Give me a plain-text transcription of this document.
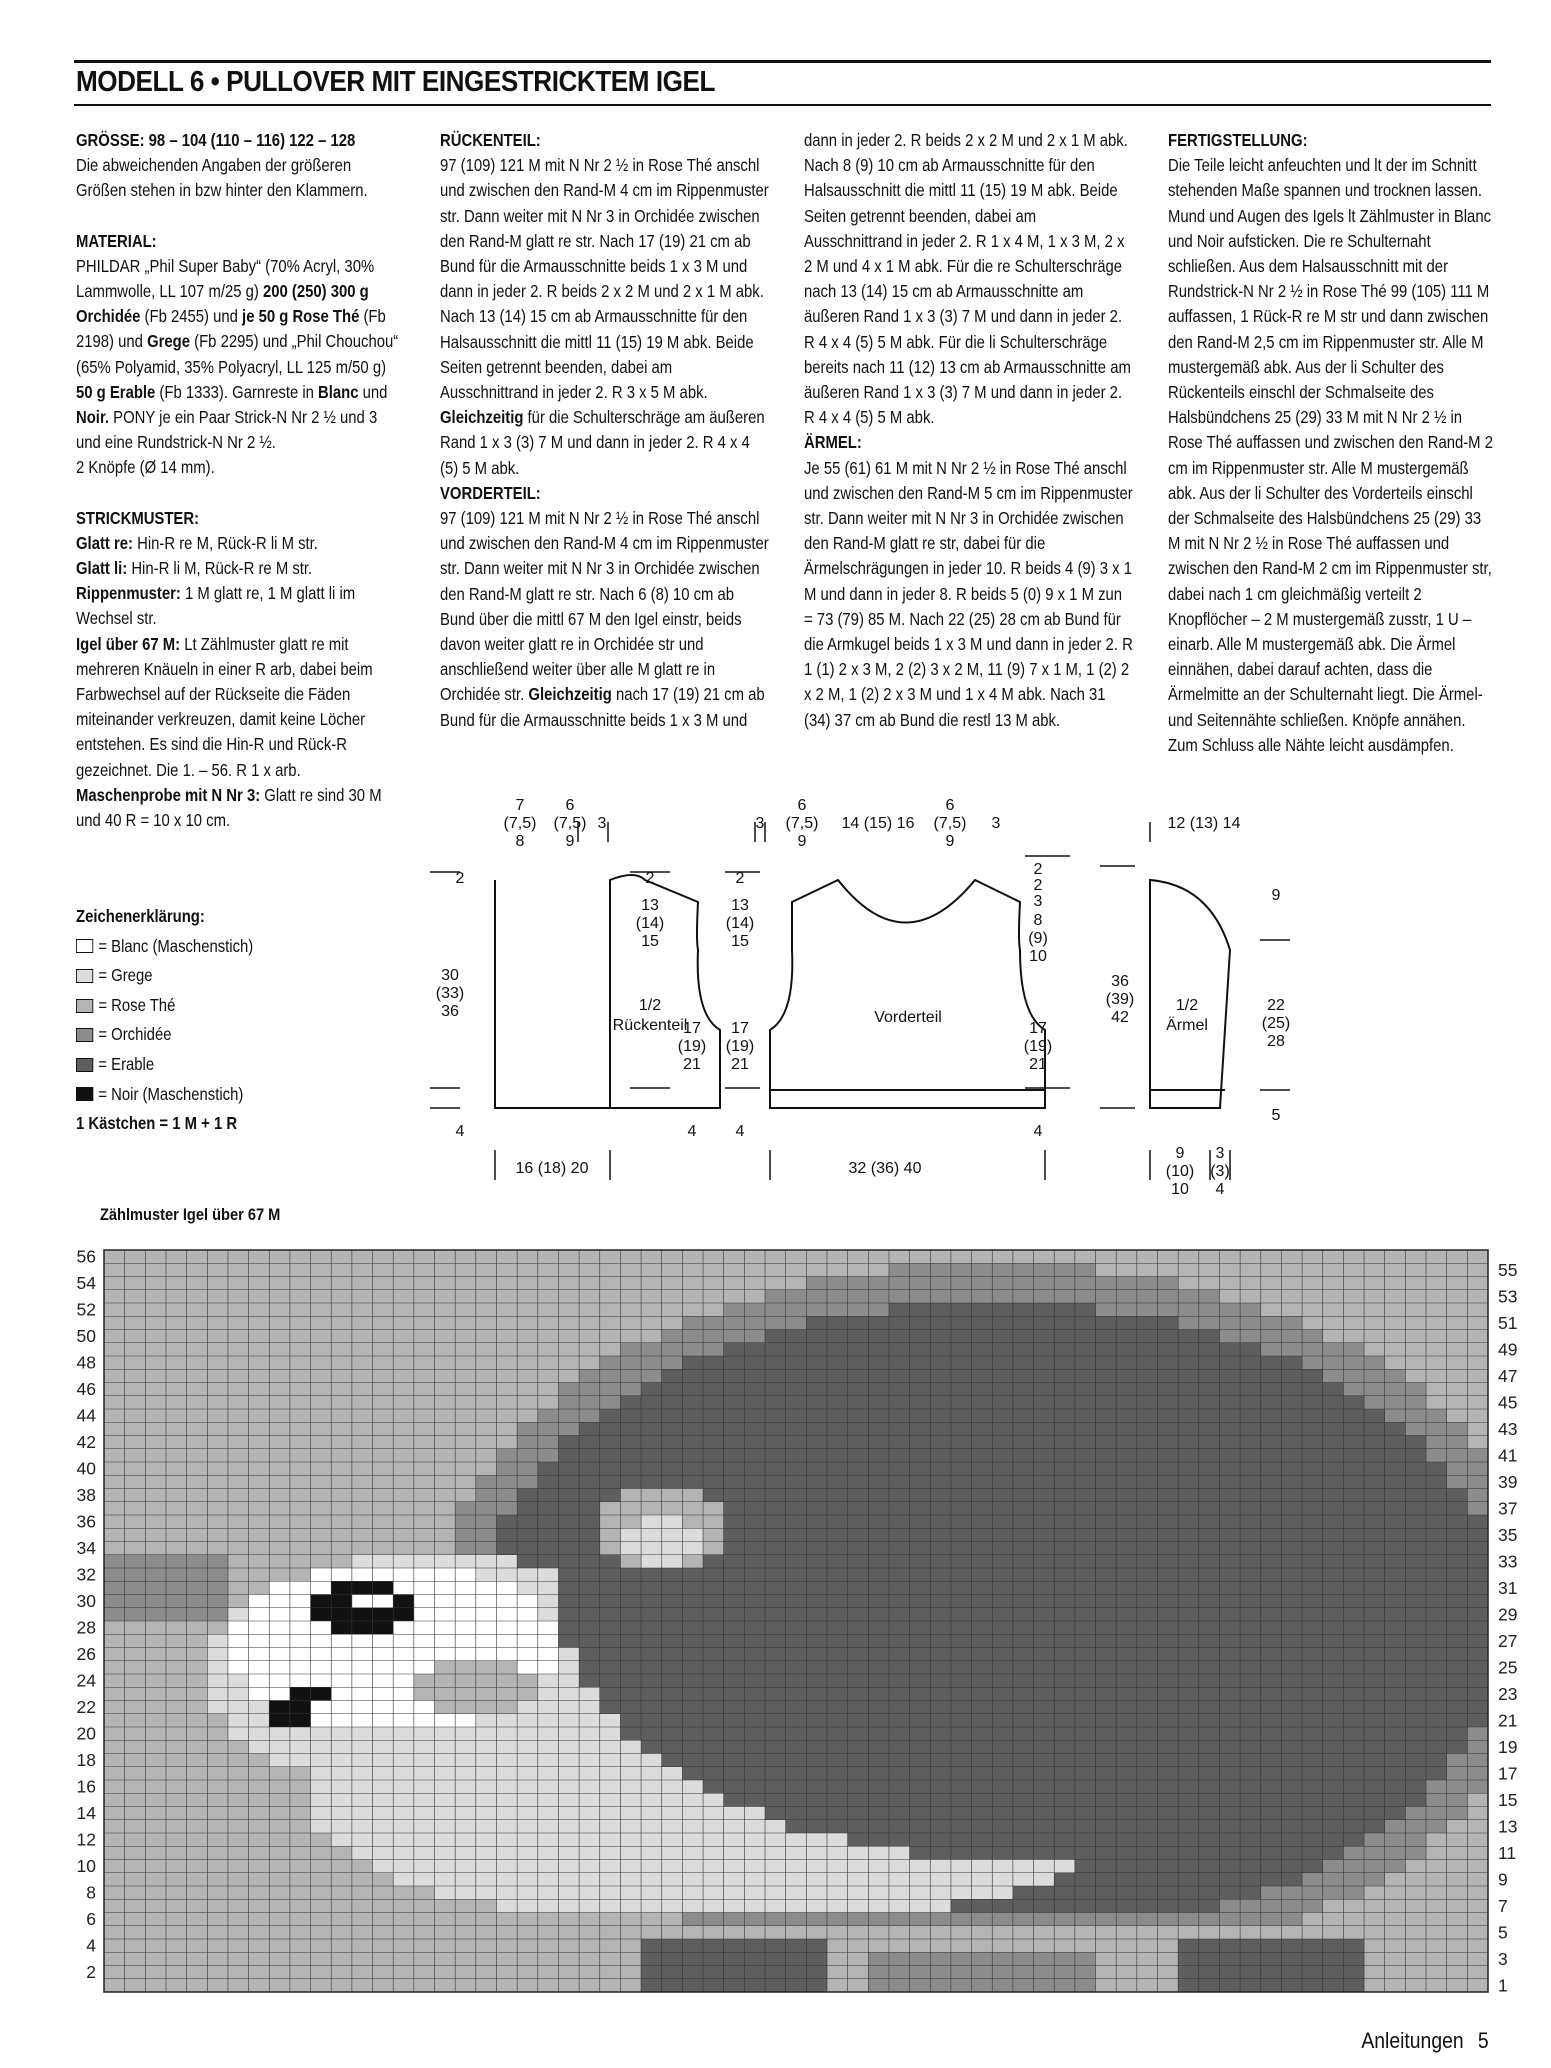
MODELL 6 • PULLOVER MIT EINGESTRICKTEM IGEL
GRÖSSE: 98 – 104 (110 – 116) 122 – 128

Die abweichenden Angaben der größeren Größen stehen in bzw hinter den Klammern.

MATERIAL:

PHILDAR „Phil Super Baby“ (70% Acryl, 30% Lammwolle, LL 107 m/25 g) 200 (250) 300 g Orchidée (Fb 2455) und je 50 g Rose Thé (Fb 2198) und Grege (Fb 2295) und „Phil Chouchou“ (65% Polyamid, 35% Polyacryl, LL 125 m/50 g) 50 g Erable (Fb 1333). Garnreste in Blanc und Noir. PONY je ein Paar Strick-N Nr 2 ½ und 3 und eine Rundstrick-N Nr 2 ½.

2 Knöpfe (Ø 14 mm).

STRICKMUSTER:

Glatt re: Hin-R re M, Rück-R li M str.

Glatt li: Hin-R li M, Rück-R re M str.

Rippenmuster: 1 M glatt re, 1 M glatt li im Wechsel str.

Igel über 67 M: Lt Zählmuster glatt re mit mehreren Knäueln in einer R arb, dabei beim Farbwechsel auf der Rückseite die Fäden miteinander verkreuzen, damit keine Löcher entstehen. Es sind die Hin-R und Rück-R gezeichnet. Die 1. – 56. R 1 x arb.

Maschenprobe mit N Nr 3: Glatt re sind 30 M und 40 R = 10 x 10 cm.

RÜCKENTEIL:

97 (109) 121 M mit N Nr 2 ½ in Rose Thé anschl und zwischen den Rand-M 4 cm im Rippenmuster str. Dann weiter mit N Nr 3 in Orchidée zwischen den Rand-M glatt re str. Nach 17 (19) 21 cm ab Bund für die Armausschnitte beids 1 x 3 M und dann in jeder 2. R beids 2 x 2 M und 2 x 1 M abk. Nach 13 (14) 15 cm ab Armausschnitte für den Halsausschnitt die mittl 11 (15) 19 M abk. Beide Seiten getrennt beenden, dabei am Ausschnittrand in jeder 2. R 3 x 5 M abk. Gleichzeitig für die Schulterschräge am äußeren Rand 1 x 3 (3) 7 M und dann in jeder 2. R 4 x 4 (5) 5 M abk.

VORDERTEIL:

97 (109) 121 M mit N Nr 2 ½ in Rose Thé anschl und zwischen den Rand-M 4 cm im Rippenmuster str. Dann weiter mit N Nr 3 in Orchidée zwischen den Rand-M glatt re str. Nach 6 (8) 10 cm ab Bund über die mittl 67 M den Igel einstr, beids davon weiter glatt re in Orchidée str und anschließend weiter über alle M glatt re in Orchidée str. Gleichzeitig nach 17 (19) 21 cm ab Bund für die Armausschnitte beids 1 x 3 M und

dann in jeder 2. R beids 2 x 2 M und 2 x 1 M abk. Nach 8 (9) 10 cm ab Armausschnitte für den Halsausschnitt die mittl 11 (15) 19 M abk. Beide Seiten getrennt beenden, dabei am Ausschnittrand in jeder 2. R 1 x 4 M, 1 x 3 M, 2 x 2 M und 4 x 1 M abk. Für die re Schulterschräge nach 13 (14) 15 cm ab Armausschnitte am äußeren Rand 1 x 3 (3) 7 M und dann in jeder 2. R 4 x 4 (5) 5 M abk. Für die li Schulterschräge bereits nach 11 (12) 13 cm ab Armausschnitte am äußeren Rand 1 x 3 (3) 7 M und dann in jeder 2. R 4 x 4 (5) 5 M abk.

ÄRMEL:

Je 55 (61) 61 M mit N Nr 2 ½ in Rose Thé anschl und zwischen den Rand-M 5 cm im Rippenmuster str. Dann weiter mit N Nr 3 in Orchidée zwischen den Rand-M glatt re str, dabei für die Ärmelschrägungen in jeder 10. R beids 4 (9) 3 x 1 M und dann in jeder 8. R beids 5 (0) 9 x 1 M zun = 73 (79) 85 M. Nach 22 (25) 28 cm ab Bund für die Armkugel beids 1 x 3 M und dann in jeder 2. R 1 (1) 2 x 3 M, 2 (2) 3 x 2 M, 11 (9) 7 x 1 M, 1 (2) 2 x 2 M, 1 (2) 2 x 3 M und 1 x 4 M abk. Nach 31 (34) 37 cm ab Bund die restl 13 M abk.

FERTIGSTELLUNG:

Die Teile leicht anfeuchten und lt der im Schnitt stehenden Maße spannen und trocknen lassen. Mund und Augen des Igels lt Zählmuster in Blanc und Noir aufsticken. Die re Schulternaht schließen. Aus dem Halsausschnitt mit der Rundstrick-N Nr 2 ½ in Rose Thé 99 (105) 111 M auffassen, 1 Rück-R re M str und dann zwischen den Rand-M 2,5 cm im Rippenmuster str. Alle M mustergemäß abk. Aus der li Schulter des Rückenteils einschl der Schmalseite des Halsbündchens 25 (29) 33 M mit N Nr 2 ½ in Rose Thé auffassen und zwischen den Rand-M 2 cm im Rippenmuster str. Alle M mustergemäß abk. Aus der li Schulter des Vorderteils einschl der Schmalseite des Halsbündchens 25 (29) 33 M mit N Nr 2 ½ in Rose Thé auffassen und zwischen den Rand-M 2 cm im Rippenmuster str, dabei nach 1 cm gleichmäßig verteilt 2 Knopflöcher – 2 M mustergemäß zusstr, 1 U – einarb. Alle M mustergemäß abk. Die Ärmel einnähen, dabei darauf achten, dass die Ärmelmitte an der Schulternaht liegt. Die Ärmel- und Seitennähte schließen. Knöpfe annähen. Zum Schluss alle Nähte leicht ausdämpfen.

Zeichenerklärung:
= Blanc (Maschenstich)
= Grege
= Rose Thé
= Orchidée
= Erable
= Noir (Maschenstich)
1 Kästchen = 1 M + 1 R
7
(7,5)
8
6
(7,5)
9
3
2
30
(33)
36
4
1/2
Rückenteil
2
13
(14)
15
17
(19)
21
4
16 (18) 20
3
6
(7,5)
9
14 (15) 16
6
(7,5)
9
3
2
13
(14)
15
17
(19)
21
4
Vorderteil
2
2
3
8
(9)
10
17
(19)
21
4
32 (36) 40
12 (13) 14
9
36
(39)
42
1/2
Ärmel
22
(25)
28
5
9
(10)
10
3
(3)
4
Zählmuster Igel über 67 M
2
4
6
8
10
12
14
16
18
20
22
24
26
28
30
32
34
36
38
40
42
44
46
48
50
52
54
56
1
3
5
7
9
11
13
15
17
19
21
23
25
27
29
31
33
35
37
39
41
43
45
47
49
51
53
55
Anleitungen 5
